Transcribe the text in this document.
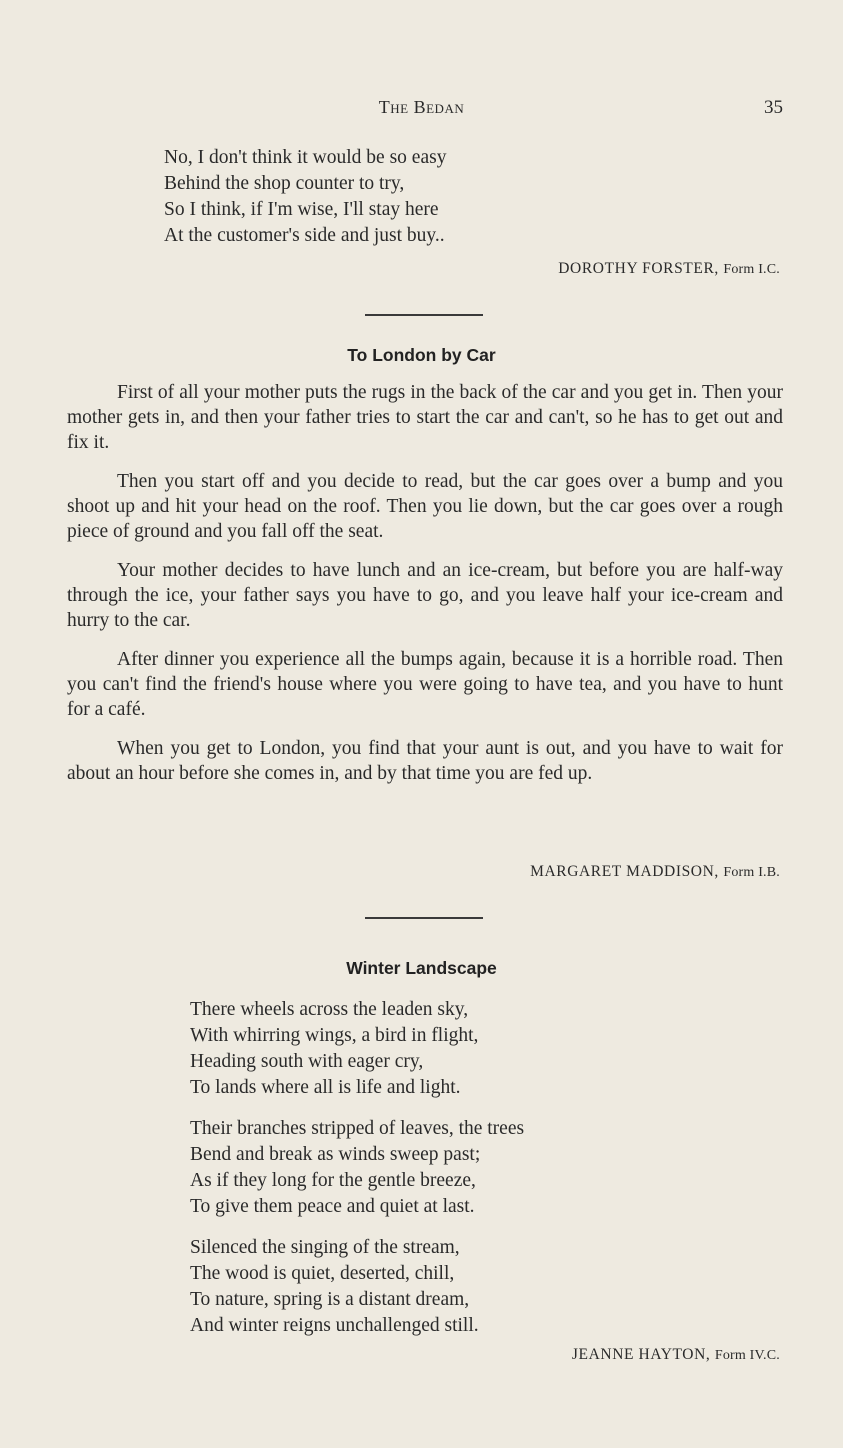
The Bedan	35
No, I don't think it would be so easy
Behind the shop counter to try,
So I think, if I'm wise, I'll stay here
At the customer's side and just buy..
DOROTHY FORSTER, Form I.C.
To London by Car

First of all your mother puts the rugs in the back of the car and you get in. Then your mother gets in, and then your father tries to start the car and can't, so he has to get out and fix it.

Then you start off and you decide to read, but the car goes over a bump and you shoot up and hit your head on the roof. Then you lie down, but the car goes over a rough piece of ground and you fall off the seat.

Your mother decides to have lunch and an ice-cream, but before you are half-way through the ice, your father says you have to go, and you leave half your ice-cream and hurry to the car.

After dinner you experience all the bumps again, because it is a horrible road. Then you can't find the friend's house where you were going to have tea, and you have to hunt for a café.

When you get to London, you find that your aunt is out, and you have to wait for about an hour before she comes in, and by that time you are fed up.

MARGARET MADDISON, Form I.B.
Winter Landscape
There wheels across the leaden sky,
With whirring wings, a bird in flight,
Heading south with eager cry,
To lands where all is life and light.
Their branches stripped of leaves, the trees
Bend and break as winds sweep past;
As if they long for the gentle breeze,
To give them peace and quiet at last.
Silenced the singing of the stream,
The wood is quiet, deserted, chill,
To nature, spring is a distant dream,
And winter reigns unchallenged still.
JEANNE HAYTON, Form IV.C.
